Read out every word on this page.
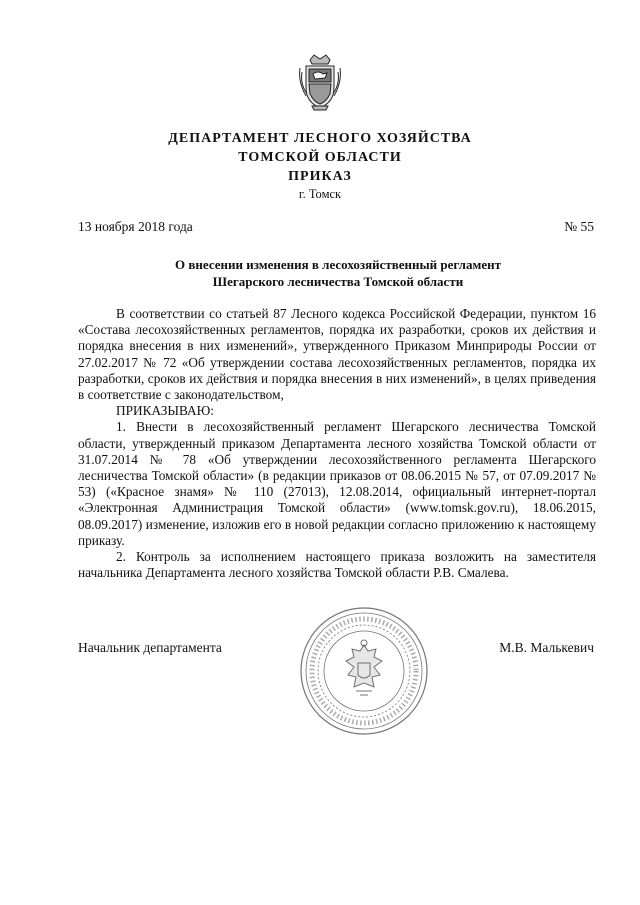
ДЕПАРТАМЕНТ ЛЕСНОГО ХОЗЯЙСТВА
ТОМСКОЙ ОБЛАСТИ
ПРИКАЗ
г. Томск
13 ноября 2018 года	№ 55
О внесении изменения в лесохозяйственный регламент
Шегарского лесничества Томской области

В соответствии со статьей 87 Лесного кодекса Российской Федерации, пунктом 16 «Состава лесохозяйственных регламентов, порядка их разработки, сроков их действия и порядка внесения в них изменений», утвержденного Приказом Минприроды России от 27.02.2017 № 72 «Об утверждении состава лесохозяйственных регламентов, порядка их разработки, сроков их действия и порядка внесения в них изменений», в целях приведения в соответствие с законодательством,

ПРИКАЗЫВАЮ:

1. Внести в лесохозяйственный регламент Шегарского лесничества Томской области, утвержденный приказом Департамента лесного хозяйства Томской области от 31.07.2014 № 78 «Об утверждении лесохозяйственного регламента Шегарского лесничества Томской области» (в редакции приказов от 08.06.2015 № 57, от 07.09.2017 № 53) («Красное знамя» № 110 (27013), 12.08.2014, официальный интернет-портал «Электронная Администрация Томской области» (www.tomsk.gov.ru), 18.06.2015, 08.09.2017) изменение, изложив его в новой редакции согласно приложению к настоящему приказу.

2. Контроль за исполнением настоящего приказа возложить на заместителя начальника Департамента лесного хозяйства Томской области Р.В. Смалева.

Начальник департамента	М.В. Малькевич
